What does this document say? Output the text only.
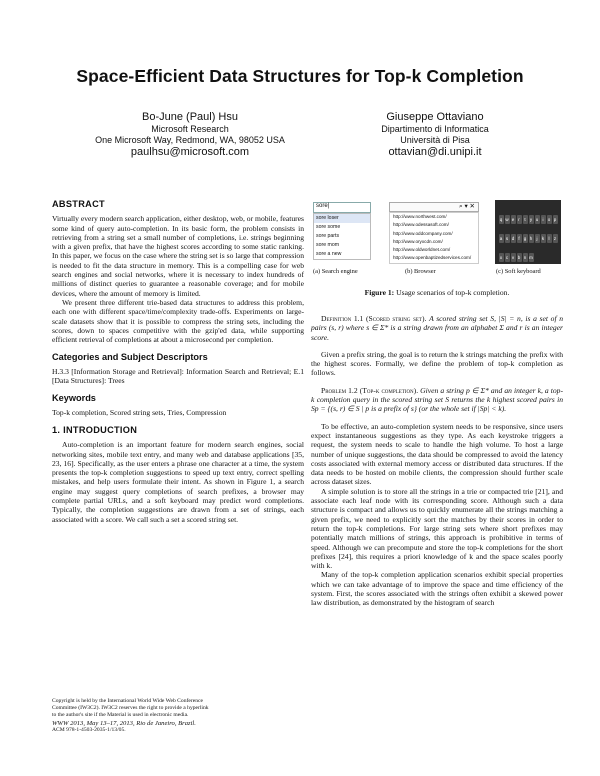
Space-Efficient Data Structures for Top-k Completion
Bo-June (Paul) Hsu
Microsoft Research
One Microsoft Way, Redmond, WA, 98052 USA
paulhsu@microsoft.com
Giuseppe Ottaviano
Dipartimento di Informatica
Università di Pisa
ottavian@di.unipi.it
ABSTRACT

Virtually every modern search application, either desktop, web, or mobile, features some kind of query auto-completion. In its basic form, the problem consists in retrieving from a string set a small number of completions, i.e. strings beginning with a given prefix, that have the highest scores according to some static ranking. In this paper, we focus on the case where the string set is so large that compression is needed to fit the data structure in memory. This is a compelling case for web search engines and social networks, where it is necessary to index hundreds of millions of distinct queries to guarantee a reasonable coverage; and for mobile devices, where the amount of memory is limited.

We present three different trie-based data structures to address this problem, each one with different space/time/complexity trade-offs. Experiments on large-scale datasets show that it is possible to compress the string sets, including the scores, down to spaces competitive with the gzip'ed data, while supporting efficient retrieval of completions at about a microsecond per completion.

Categories and Subject Descriptors

H.3.3 [Information Storage and Retrieval]: Information Search and Retrieval; E.1 [Data Structures]: Trees

Keywords

Top-k completion, Scored string sets, Tries, Compression

1. INTRODUCTION

Auto-completion is an important feature for modern search engines, social networking sites, mobile text entry, and many web and database applications [35, 23, 16]. Specifically, as the user enters a phrase one character at a time, the system presents the top-k completion suggestions to speed up text entry, correct spelling mistakes, and help users formulate their intent. As shown in Figure 1, a search engine may suggest query completions of search prefixes, a browser may complete partial URLs, and a soft keyboard may predict word completions. Typically, the completion suggestions are drawn from a set of strings, each associated with a score. We call such a set a scored string set.

Copyright is held by the International World Wide Web Conference
Committee (IW3C2). IW3C2 reserves the right to provide a hyperlink
to the author's site if the Material is used in electronic media.
WWW 2013, May 13–17, 2013, Rio de Janeiro, Brazil.
ACM 978-1-4503-2035-1/13/05.
sore|
sore loser
sore some
sore parts
sore mom
sore a new
⌕ ▾ ✕
http://www.northwest.com/
http://www.odessasoft.com/
http://www.oddcompany.com/
http://www.oryxcdn.com/
http://www.oldworldnet.com/
http://www.openbaptizedservices.com/
q w e r t y u i o pa s d f g h j k l zx c v b n m
(a) Search engine	(b) Browser	(c) Soft keyboard
Figure 1: Usage scenarios of top-k completion.

Definition 1.1 (Scored string set). A scored string set S, |S| = n, is a set of n pairs (s, r) where s ∈ Σ* is a string drawn from an alphabet Σ and r is an integer score.

Given a prefix string, the goal is to return the k strings matching the prefix with the highest scores. Formally, we define the problem of top-k completion as follows.

Problem 1.2 (Top-k completion). Given a string p ∈ Σ* and an integer k, a top-k completion query in the scored string set S returns the k highest scored pairs in Sp = {(s, r) ∈ S | p is a prefix of s} (or the whole set if |Sp| < k).

To be effective, an auto-completion system needs to be responsive, since users expect instantaneous suggestions as they type. As each keystroke triggers a request, the system needs to scale to handle the high volume. To host a large number of unique suggestions, the data should be compressed to avoid the latency costs associated with external memory access or distributed data structures. If the data needs to be hosted on mobile clients, the compression should further scale across dataset sizes.

A simple solution is to store all the strings in a trie or compacted trie [21], and associate each leaf node with its corresponding score. Although such a data structure is compact and allows us to quickly enumerate all the strings matching a given prefix, we need to explicitly sort the matches by their scores in order to return the top-k completions. For large string sets where short prefixes may potentially match millions of strings, this approach is prohibitive in terms of speed. Although we can precompute and store the top-k completions for the short prefixes [24], this requires a priori knowledge of k and the space scales poorly with k.

Many of the top-k completion application scenarios exhibit special properties which we can take advantage of to improve the space and time efficiency of the system. First, the scores associated with the strings often exhibit a skewed power law distribution, as demonstrated by the histogram of search
